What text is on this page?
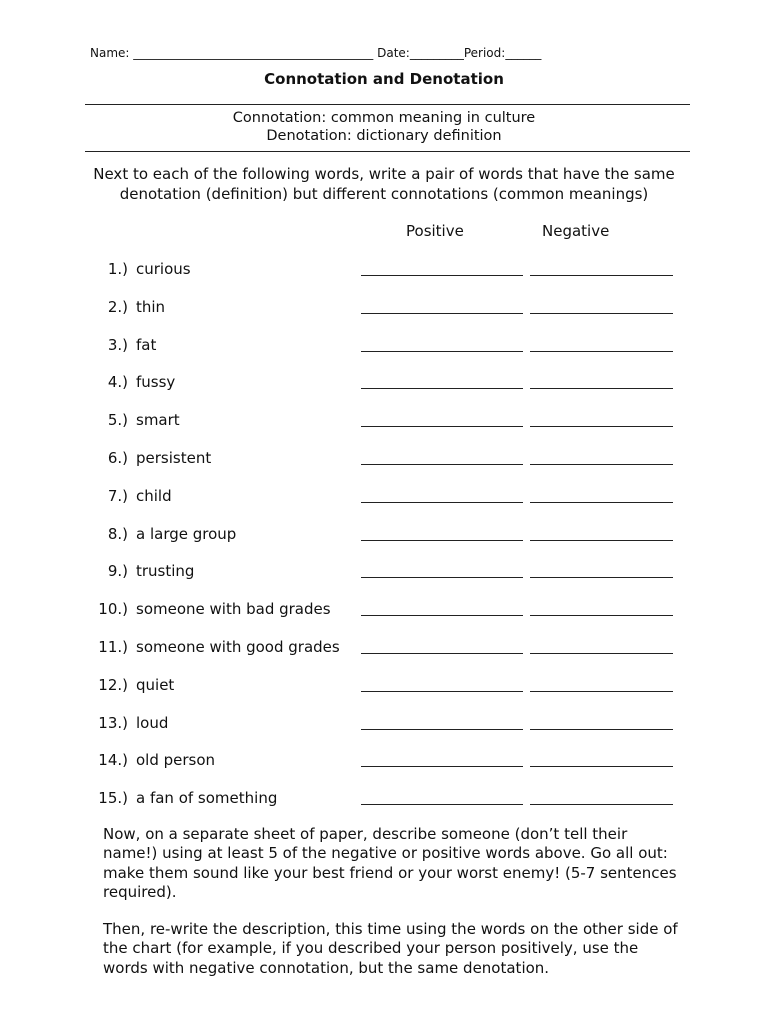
Name: ________________________________________ Date:_________Period:______
Connotation and Denotation
Connotation: common meaning in culture
Denotation: dictionary definition
Next to each of the following words, write a pair of words that have the same denotation (definition) but different connotations (common meanings)
Positive	Negative
1.) curious
2.) thin
3.) fat
4.) fussy
5.) smart
6.) persistent
7.) child
8.) a large group
9.) trusting
10.) someone with bad grades
11.) someone with good grades
12.) quiet
13.) loud
14.) old person
15.) a fan of something
Now, on a separate sheet of paper, describe someone (don’t tell their name!) using at least 5 of the negative or positive words above. Go all out: make them sound like your best friend or your worst enemy! (5-7 sentences required).
Then, re-write the description, this time using the words on the other side of the chart (for example, if you described your person positively, use the words with negative connotation, but the same denotation.
